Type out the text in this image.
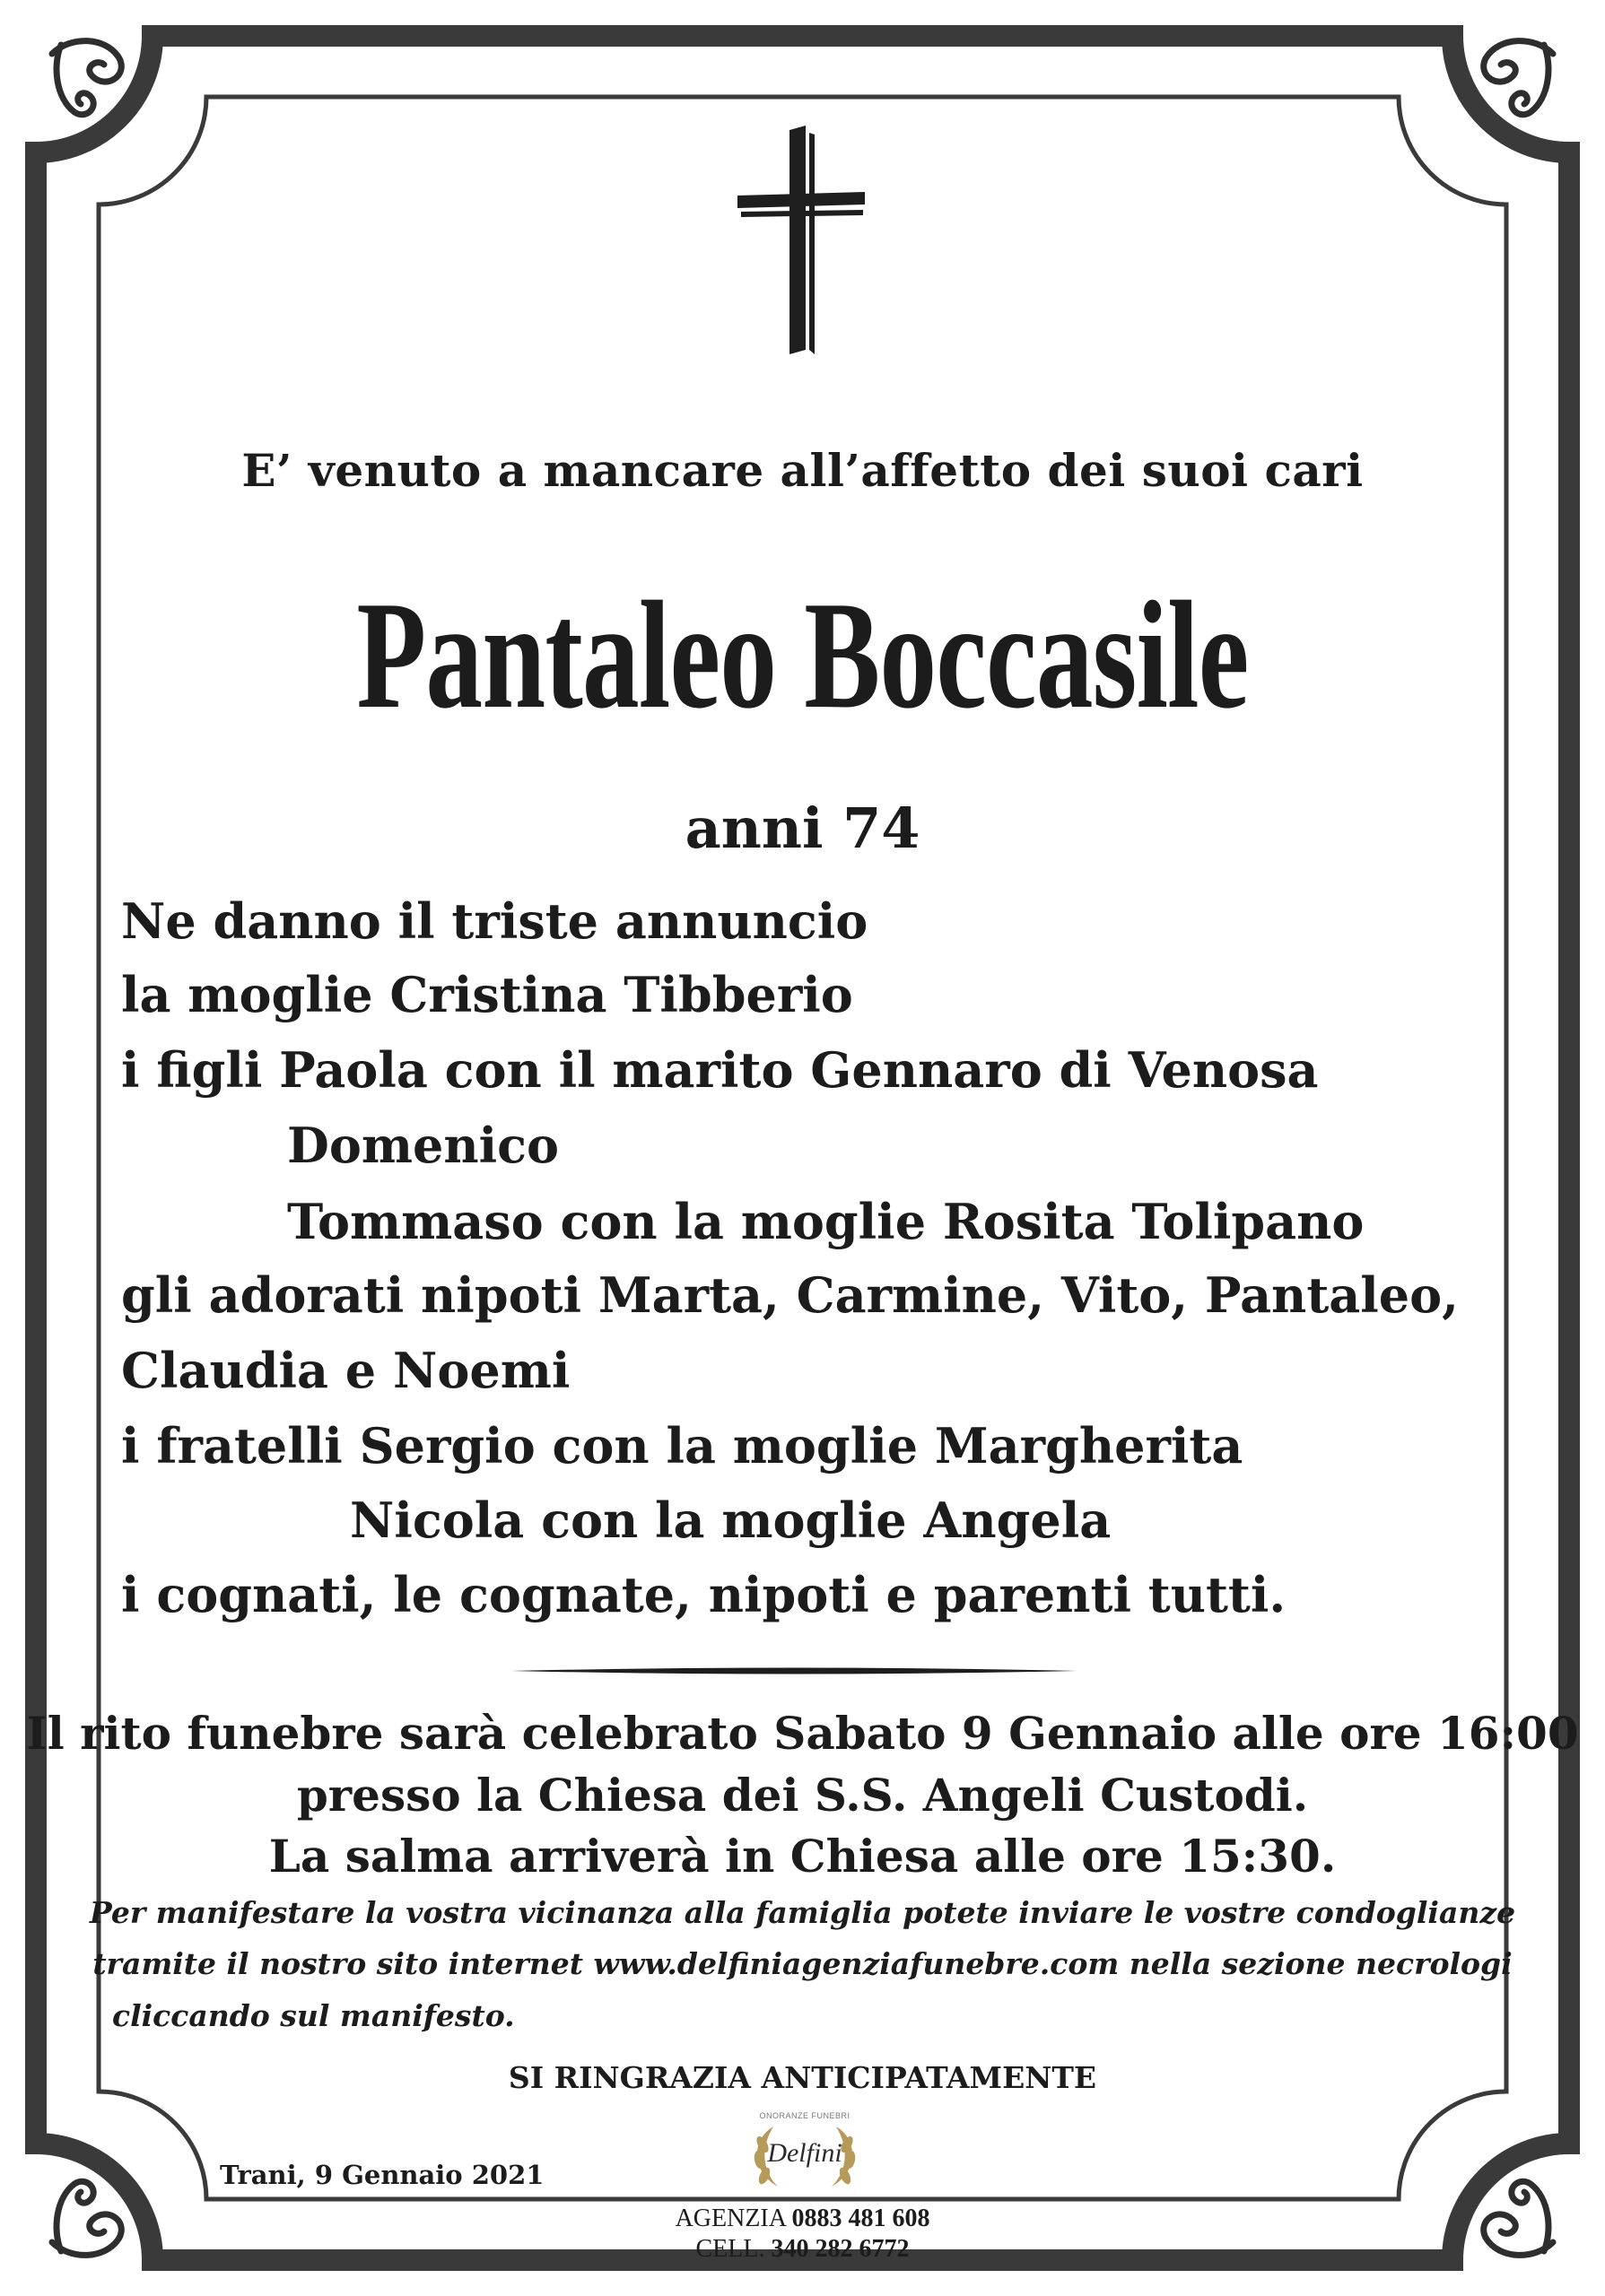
E’ venuto a mancare all’affetto dei suoi cari
Pantaleo Boccasile
anni 74
Ne danno il triste annuncio
la moglie Cristina Tibberio
i figli Paola con il marito Gennaro di Venosa
Domenico
Tommaso con la moglie Rosita Tolipano
gli adorati nipoti Marta, Carmine, Vito, Pantaleo,
Claudia e Noemi
i fratelli Sergio con la moglie Margherita
Nicola con la moglie Angela
i cognati, le cognate, nipoti e parenti tutti.
Il rito funebre sarà celebrato Sabato 9 Gennaio alle ore 16:00
presso la Chiesa dei S.S. Angeli Custodi.
La salma arriverà in Chiesa alle ore 15:30.
Per manifestare la vostra vicinanza alla famiglia potete inviare le vostre condoglianze
tramite il nostro sito internet www.delfiniagenziafunebre.com nella sezione necrologi
cliccando sul manifesto.
SI RINGRAZIA ANTICIPATAMENTE
Trani, 9 Gennaio 2021
ONORANZE FUNEBRI
Delfini
AGENZIA 0883 481 608
CELL. 340 282 6772
